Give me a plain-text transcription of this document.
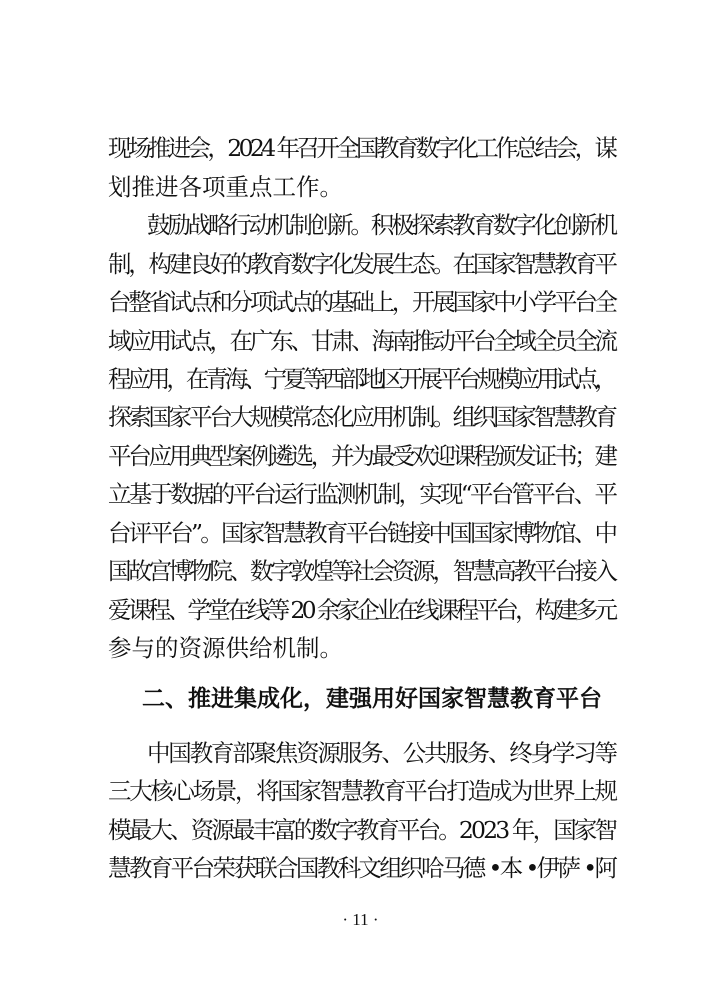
现场推进会，2024 年召开全国教育数字化工作总结会，谋
划推进各项重点工作。
鼓励战略行动机制创新。积极探索教育数字化创新机
制，构建良好的教育数字化发展生态。在国家智慧教育平
台整省试点和分项试点的基础上，开展国家中小学平台全
域应用试点，在广东、甘肃、海南推动平台全域全员全流
程应用，在青海、宁夏等西部地区开展平台规模应用试点，
探索国家平台大规模常态化应用机制。组织国家智慧教育
平台应用典型案例遴选，并为最受欢迎课程颁发证书；建
立基于数据的平台运行监测机制，实现“平台管平台、平
台评平台”。国家智慧教育平台链接中国国家博物馆、中
国故宫博物院、数字敦煌等社会资源，智慧高教平台接入
爱课程、学堂在线等 20 余家企业在线课程平台，构建多元
参与的资源供给机制。
二、推进集成化，建强用好国家智慧教育平台
中国教育部聚焦资源服务、公共服务、终身学习等
三大核心场景，将国家智慧教育平台打造成为世界上规
模最大、资源最丰富的数字教育平台。2023 年，国家智
慧教育平台荣获联合国教科文组织哈马德 •本 •伊萨 •阿
· 11 ·
